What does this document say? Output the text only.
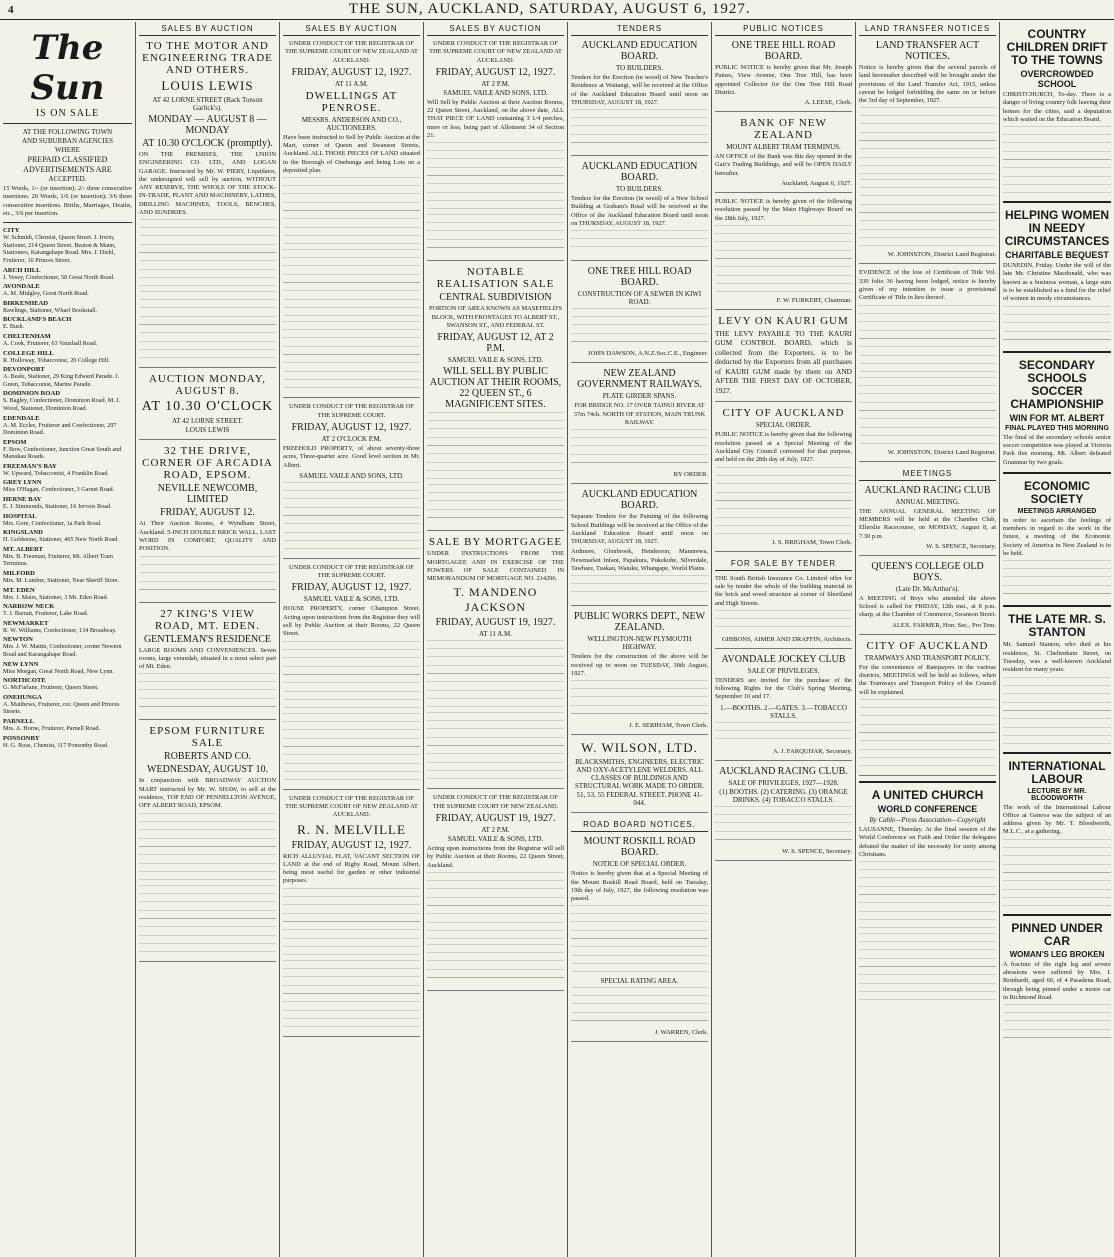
4	THE SUN, AUCKLAND, SATURDAY, AUGUST 6, 1927.
The Sun
IS ON SALE
AT THE FOLLOWING TOWN
AND SUBURBAN AGENCIES
WHERE
PREPAID CLASSIFIED
ADVERTISEMENTS ARE
ACCEPTED.
15 Words, 1/- (or insertion); 2/- three consecutive insertions. 20 Words, 1/6 (or insertion); 3/6 three consecutive insertions. Births, Marriages, Deaths, etc., 3/6 per insertion.
CITY
W. Schmidt, Chemist, Queen Street. J. Irwin, Stationer, 214 Queen Street. Beaton & Mann, Stationers, Karangahape Road. Mrs. J. Diehl, Fruiterer, 10 Princes Street.
ARCH HILL
J. Vesey, Confectioner, 58 Great North Road.
AVONDALE
A. M. Midgley, Great North Road.
BIRKENHEAD
Rawlings, Stationer, Wharf Bookstall.
BUCKLAND'S BEACH
E. Bush.
CHELTENHAM
A. Cook, Fruiterer, 63 Vauxhall Road.
COLLEGE HILL
R. Holloway, Tobacconist, 20 College Hill.
DEVONPORT
A. Beale, Stationer, 29 King Edward Parade. J. Green, Tobacconist, Marine Parade.
DOMINION ROAD
S. Bagley, Confectioner, Dominion Road. M. J. Wood, Stationer, Dominion Road.
EDENDALE
A. M. Eccles, Fruiterer and Confectioner, 297 Dominion Road.
EPSOM
F. Bow, Confectioner, Junction Great South and Manukau Roads.
FREEMAN'S BAY
W. Upward, Tobacconist, 4 Franklin Road.
GREY LYNN
Miss O'Hagan, Confectioner, 3 Garnet Road.
HERNE BAY
E. J. Simmonds, Stationer, 16 Jervois Road.
HOSPITAL
Mrs. Gore, Confectioner, 1a Park Road.
KINGSLAND
H. Goldstone, Stationer, 465 New North Road.
MT. ALBERT
Mrs. B. Freeman, Fruiterer, Mt. Albert Tram Terminus.
MILFORD
Mrs. M. Lumber, Stationer, Near Sheriff Store.
MT. EDEN
Mrs. J. Mairs, Stationer, 3 Mt. Eden Road.
NARROW NECK
T. J. Barratt, Fruiterer, Lake Road.
NEWMARKET
R. W. Williams, Confectioner, 134 Broadway.
NEWTON
Mrs. J. W. Mattin, Confectioner, corner Newton Road and Karangahape Road.
NEW LYNN
Miss Morgan, Great North Road, New Lynn.
NORTHCOTE
G. McFarlane, Fruiterer, Queen Street.
ONEHUNGA
A. Matthews, Fruiterer, cor. Queen and Princes Streets.
PARNELL
Mrs. A. Horne, Fruiterer, Parnell Road.
PONSONBY
H. G. Rose, Chemist, 117 Ponsonby Road.
SALES BY AUCTION
TO THE MOTOR AND ENGINEERING TRADE AND OTHERS.
LOUIS LEWIS
AT 42 LORNE STREET (Back Tonson Garlick's).
MONDAY — AUGUST 8 — MONDAY
AT 10.30 O'CLOCK (promptly).
ON THE PREMISES, THE UNION ENGINEERING CO. LTD., AND LOGAN GARAGE. Instructed by Mr. W. PIERY, Liquidator, the undersigned will sell by auction, WITHOUT ANY RESERVE, THE WHOLE OF THE STOCK-IN-TRADE, PLANT AND MACHINERY, LATHES, DRILLING MACHINES, TOOLS, BENCHES, AND SUNDRIES.
AUCTION MONDAY, AUGUST 8.
AT 10.30 O'CLOCK
AT 42 LORNE STREET.
LOUIS LEWIS
32 THE DRIVE, CORNER OF ARCADIA ROAD, EPSOM.
NEVILLE NEWCOMB, LIMITED
FRIDAY, AUGUST 12.
At Their Auction Rooms, 4 Wyndham Street, Auckland. 5-INCH DOUBLE BRICK WALL, LAST WORD IN COMFORT, QUALITY AND POSITION.
27 KING'S VIEW ROAD, MT. EDEN.
GENTLEMAN'S RESIDENCE
LARGE ROOMS AND CONVENIENCES. Seven rooms, large verandah, situated in a most select part of Mt. Eden.
EPSOM FURNITURE SALE
ROBERTS AND CO.
WEDNESDAY, AUGUST 10.
In conjunction with BROADWAY AUCTION MART instructed by Mr. W. SHAW, to sell at the residence, TOP END OF PENNELLTON AVENUE, OFF ALBERT ROAD, EPSOM.
SALES BY AUCTION
UNDER CONDUCT OF THE REGISTRAR OF THE SUPREME COURT OF NEW ZEALAND AT AUCKLAND.
FRIDAY, AUGUST 12, 1927.
AT 11 A.M.
DWELLINGS AT PENROSE.
MESSRS. ANDERSON AND CO., AUCTIONEERS.
Have been instructed to Sell by Public Auction at the Mart, corner of Queen and Swanson Streets, Auckland. ALL THOSE PIECES OF LAND situated in the Borough of Onehunga and being Lots on a deposited plan.
UNDER CONDUCT OF THE REGISTRAR OF THE SUPREME COURT.
FRIDAY, AUGUST 12, 1927.
AT 2 O'CLOCK P.M.
FREEHOLD PROPERTY, of about seventy-three acres, Three-quarter acre. Good level section in Mt. Albert.
SAMUEL VAILE AND SONS, LTD.
UNDER CONDUCT OF THE REGISTRAR OF THE SUPREME COURT.
FRIDAY, AUGUST 12, 1927.
SAMUEL VAILE & SONS, LTD.
HOUSE PROPERTY, corner Champion Street. Acting upon instructions from the Registrar they will sell by Public Auction at their Rooms, 22 Queen Street.
UNDER CONDUCT OF THE REGISTRAR OF THE SUPREME COURT OF NEW ZEALAND AT AUCKLAND.
R. N. MELVILLE
FRIDAY, AUGUST 12, 1927.
RICH ALLUVIAL FLAT, VACANT SECTION OF LAND at the end of Rigby Road, Mount Albert, being most useful for garden or other industrial purposes.
SALES BY AUCTION
UNDER CONDUCT OF THE REGISTRAR OF THE SUPREME COURT OF NEW ZEALAND AT AUCKLAND.
FRIDAY, AUGUST 12, 1927.
AT 2 P.M.
SAMUEL VAILE AND SONS, LTD.
Will Sell by Public Auction at their Auction Rooms, 22 Queen Street, Auckland, on the above date, ALL THAT PIECE OF LAND containing 3 1/4 perches, more or less, being part of Allotment 34 of Section 21.
NOTABLE REALISATION SALE
CENTRAL SUBDIVISION
PORTION OF AREA KNOWN AS MASEFIELD'S BLOCK, WITH FRONTAGES TO ALBERT ST., SWANSON ST., AND FEDERAL ST.
FRIDAY, AUGUST 12, AT 2 P.M.
SAMUEL VAILE & SONS, LTD.
WILL SELL BY PUBLIC AUCTION AT THEIR ROOMS, 22 QUEEN ST., 6 MAGNIFICENT SITES.
SALE BY MORTGAGEE
UNDER INSTRUCTIONS FROM THE MORTGAGEE AND IN EXERCISE OF THE POWERS OF SALE CONTAINED IN MEMORANDUM OF MORTGAGE NO. 214296.
T. MANDENO JACKSON
FRIDAY, AUGUST 19, 1927.
AT 11 A.M.
UNDER CONDUCT OF THE REGISTRAR OF THE SUPREME COURT OF NEW ZEALAND.
FRIDAY, AUGUST 19, 1927.
AT 2 P.M.
SAMUEL VAILE & SONS, LTD.
Acting upon instructions from the Registrar will sell by Public Auction at their Rooms, 22 Queen Street, Auckland.
TENDERS
AUCKLAND EDUCATION BOARD.
TO BUILDERS.
Tenders for the Erection (in wood) of New Teacher's Residence at Waitangi, will be received at the Office of the Auckland Education Board until noon on THURSDAY, AUGUST 18, 1927.
AUCKLAND EDUCATION BOARD.
TO BUILDERS.
Tenders for the Erection (in wood) of a New School Building at Graham's Road will be received at the Office of the Auckland Education Board until noon on THURSDAY, AUGUST 18, 1927.
ONE TREE HILL ROAD BOARD.
CONSTRUCTION OF A SEWER IN KIWI ROAD.
JOHN DAWSON, A.N.Z.Soc.C.E., Engineer.
NEW ZEALAND GOVERNMENT RAILWAYS.
PLATE GIRDER SPANS.
FOR BRIDGE NO. 17 OVER TAINUI RIVER AT 37m 74ch. NORTH OF STATION, MAIN TRUNK RAILWAY.
BY ORDER.
AUCKLAND EDUCATION BOARD.
Separate Tenders for the Painting of the following School Buildings will be received at the Office of the Auckland Education Board until noon on THURSDAY, AUGUST 18, 1927.
Ardmore, Glenbrook, Henderson, Manurewa, Newmarket Infant, Papakura, Pukekohe, Silverdale, Tawhare, Tuakau, Waiuku, Whangape, World Plains.
PUBLIC WORKS DEPT., NEW ZEALAND.
WELLINGTON-NEW PLYMOUTH HIGHWAY.
Tenders for the construction of the above will be received up to noon on TUESDAY, 30th August, 1927.
J. E. SERIHAM, Town Clerk.
W. WILSON, LTD.
BLACKSMITHS, ENGINEERS, ELECTRIC AND OXY-ACETYLENE WELDERS. ALL CLASSES OF BUILDINGS AND STRUCTURAL WORK MADE TO ORDER.
51, 53, 55 FEDERAL STREET. PHONE 41-044.
ROAD BOARD NOTICES.
MOUNT ROSKILL ROAD BOARD.
NOTICE OF SPECIAL ORDER.
Notice is hereby given that at a Special Meeting of the Mount Roskill Road Board, held on Tuesday, 19th day of July, 1927, the following resolution was passed.
SPECIAL RATING AREA.
J. WARREN, Clerk.
PUBLIC NOTICES
ONE TREE HILL ROAD BOARD.
PUBLIC NOTICE is hereby given that Mr. Joseph Paines, View Avenue, One Tree Hill, has been appointed Collector for the One Tree Hill Road District.
A. LEESE, Clerk.
BANK OF NEW ZEALAND
MOUNT ALBERT TRAM TERMINUS.
AN OFFICE of the Bank was this day opened in the Gair's Trading Buildings, and will be OPEN DAILY hereafter.
Auckland, August 6, 1927.
PUBLIC NOTICE is hereby given of the following resolution passed by the Main Highways Board on the 28th July, 1927.
F. W. FURKERT, Chairman.
LEVY ON KAURI GUM
THE LEVY PAYABLE TO THE KAURI GUM CONTROL BOARD, which is collected from the Exporters, is to be deducted by the Exporters from all purchases of KAURI GUM made by them on AND AFTER THE FIRST DAY OF OCTOBER, 1927.
CITY OF AUCKLAND
SPECIAL ORDER.
PUBLIC NOTICE is hereby given that the following resolution passed at a Special Meeting of the Auckland City Council convened for that purpose, and held on the 28th day of July, 1927.
J. S. BRIGHAM, Town Clerk.
FOR SALE BY TENDER
THE South British Insurance Co. Limited offer for sale by tender the whole of the building material in the brick and wood structure at corner of Shortland and High Streets.
GIBBONS, AIMER AND DRAFFIN, Architects.
AVONDALE JOCKEY CLUB
SALE OF PRIVILEGES.
TENDERS are invited for the purchase of the following Rights for the Club's Spring Meeting, September 10 and 17.
1.—BOOTHS. 2.—GATES. 3.—TOBACCO STALLS.
A. J. FARQUHAR, Secretary.
AUCKLAND RACING CLUB.
SALE OF PRIVILEGES, 1927—1928.
(1) BOOTHS. (2) CATERING. (3) ORANGE DRINKS. (4) TOBACCO STALLS.
W. S. SPENCE, Secretary.
LAND TRANSFER NOTICES
LAND TRANSFER ACT NOTICES.
Notice is hereby given that the several parcels of land hereinafter described will be brought under the provisions of the Land Transfer Act, 1915, unless caveat be lodged forbidding the same on or before the 3rd day of September, 1927.
W. JOHNSTON, District Land Registrar.
EVIDENCE of the loss of Certificate of Title Vol. 330 folio 36 having been lodged, notice is hereby given of my intention to issue a provisional Certificate of Title in lieu thereof.
W. JOHNSTON, District Land Registrar.
MEETINGS
AUCKLAND RACING CLUB
ANNUAL MEETING.
THE ANNUAL GENERAL MEETING OF MEMBERS will be held at the Chamber Club, Ellerslie Racecourse, on MONDAY, August 8, at 7.30 p.m.
W. S. SPENCE, Secretary.
QUEEN'S COLLEGE OLD BOYS.
(Late Dr. McArthur's).
A MEETING of Boys who attended the above School is called for FRIDAY, 12th inst., at 8 p.m. sharp, at the Chamber of Commerce, Swanson Street.
ALEX. FARMER, Hon. Sec., Pro Tem.
CITY OF AUCKLAND
TRAMWAYS AND TRANSPORT POLICY.
For the convenience of Ratepayers in the various districts, MEETINGS will be held as follows, when the Tramways and Transport Policy of the Council will be explained.
A UNITED CHURCH
WORLD CONFERENCE
By Cable—Press Association—Copyright
LAUSANNE, Thursday. At the final session of the World Conference on Faith and Order the delegates debated the matter of the necessity for unity among Christians.
COUNTRY CHILDREN DRIFT TO THE TOWNS
OVERCROWDED SCHOOL
CHRISTCHURCH, To-day. There is a danger of living country folk leaving their homes for the cities, said a deputation which waited on the Education Board.
HELPING WOMEN IN NEEDY CIRCUMSTANCES
CHARITABLE BEQUEST
DUNEDIN, Friday. Under the will of the late Mr. Christine Macdonald, who was known as a business woman, a large sum is to be established as a fund for the relief of women in needy circumstances.
SECONDARY SCHOOLS SOCCER CHAMPIONSHIP
WIN FOR MT. ALBERT
FINAL PLAYED THIS MORNING
The final of the secondary schools senior soccer competition was played at Victoria Park this morning. Mt. Albert defeated Grammar by two goals.
ECONOMIC SOCIETY
MEETINGS ARRANGED
In order to ascertain the feelings of members in regard to the work in the future, a meeting of the Economic Society of America in New Zealand is to be held.
THE LATE MR. S. STANTON
Mr. Samuel Stanton, who died at his residence, St. Cheltenham Street, on Tuesday, was a well-known Auckland resident for many years.
INTERNATIONAL LABOUR
LECTURE BY MR. BLOODWORTH
The work of the International Labour Office at Geneva was the subject of an address given by Mr. T. Bloodworth, M.L.C., at a gathering.
PINNED UNDER CAR
WOMAN'S LEG BROKEN
A fracture of the right leg and severe abrasions were suffered by Mrs. I. Reinhardt, aged 60, of 4 Pasadena Road, through being pinned under a motor car in Richmond Road.
